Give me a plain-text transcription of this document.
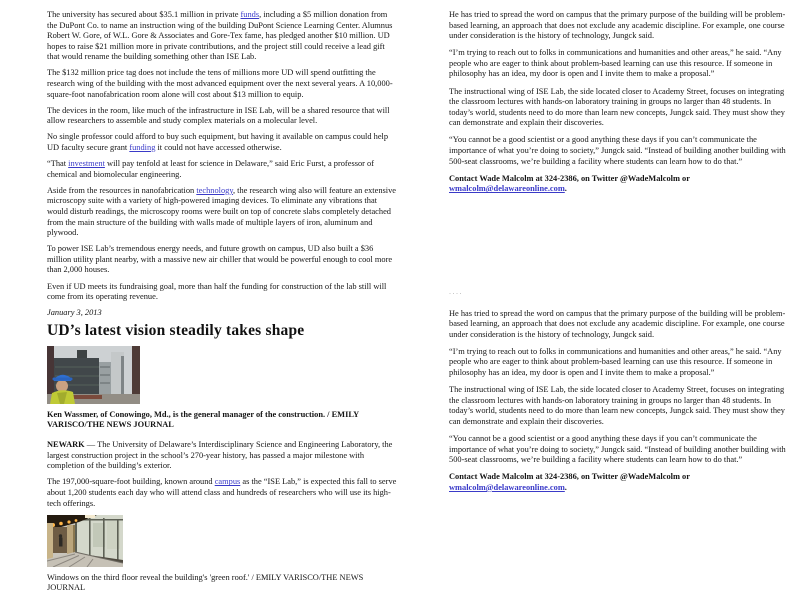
The university has secured about $35.1 million in private funds, including a $5 million donation from the DuPont Co. to name an instruction wing of the building DuPont Science Learning Center. Alumnus Robert W. Gore, of W.L. Gore & Associates and Gore-Tex fame, has pledged another $10 million. UD hopes to raise $21 million more in private contributions, and the project still could receive a lead gift that would rename the building something other than ISE Lab.

The $132 million price tag does not include the tens of millions more UD will spend outfitting the research wing of the building with the most advanced equipment over the next several years. A 10,000-square-foot nanofabrication room alone will cost about $13 million to equip.

The devices in the room, like much of the infrastructure in ISE Lab, will be a shared resource that will allow researchers to assemble and study complex materials on a molecular level.

No single professor could afford to buy such equipment, but having it available on campus could help UD faculty secure grant funding it could not have accessed otherwise.

“That investment will pay tenfold at least for science in Delaware,” said Eric Furst, a professor of chemical and biomolecular engineering.

Aside from the resources in nanofabrication technology, the research wing also will feature an extensive microscopy suite with a variety of high-powered imaging devices. To eliminate any vibrations that would disturb readings, the microscopy rooms were built on top of concrete slabs completely detached from the main structure of the building with walls made of multiple layers of iron, aluminum and plywood.

To power ISE Lab’s tremendous energy needs, and future growth on campus, UD also built a $36 million utility plant nearby, with a massive new air chiller that would be powerful enough to cool more than 2,000 houses.

Even if UD meets its fundraising goal, more than half the funding for construction of the lab still will come from its operating revenue.

January 3, 2013
UD’s latest vision steadily takes shape

Ken Wassmer, of Conowingo, Md., is the general manager of the construction. / EMILY VARISCO/THE NEWS JOURNAL

NEWARK — The University of Delaware’s Interdisciplinary Science and Engineering Laboratory, the largest construction project in the school’s 270-year history, has passed a major milestone with completion of the building’s exterior.

The 197,000-square-foot building, known around campus as the “ISE Lab,” is expected this fall to serve about 1,200 students each day who will attend class and hundreds of researchers who will use its high-tech offerings.

Windows on the third floor reveal the building's 'green roof.' / EMILY VARISCO/THE NEWS JOURNAL

He has tried to spread the word on campus that the primary purpose of the building will be problem-based learning, an approach that does not exclude any academic discipline. For example, one course under consideration is the history of technology, Jungck said.

“I’m trying to reach out to folks in communications and humanities and other areas,” he said. “Any people who are eager to think about problem-based learning can use this resource. If someone in philosophy has an idea, my door is open and I invite them to make a proposal.”

The instructional wing of ISE Lab, the side located closer to Academy Street, focuses on integrating the classroom lectures with hands-on laboratory training in groups no larger than 48 students. In today’s world, students need to do more than learn new concepts, Jungck said. They must show they can demonstrate and explain their discoveries.

“You cannot be a good scientist or a good anything these days if you can’t communicate the importance of what you’re doing to society,” Jungck said. “Instead of building another building with 500-seat classrooms, we’re building a facility where students can learn how to do that.”

Contact Wade Malcolm at 324-2386, on Twitter @WadeMalcolm or wmalcolm@delawareonline.com.

....

He has tried to spread the word on campus that the primary purpose of the building will be problem-based learning, an approach that does not exclude any academic discipline. For example, one course under consideration is the history of technology, Jungck said.

“I’m trying to reach out to folks in communications and humanities and other areas,” he said. “Any people who are eager to think about problem-based learning can use this resource. If someone in philosophy has an idea, my door is open and I invite them to make a proposal.”

The instructional wing of ISE Lab, the side located closer to Academy Street, focuses on integrating the classroom lectures with hands-on laboratory training in groups no larger than 48 students. In today’s world, students need to do more than learn new concepts, Jungck said. They must show they can demonstrate and explain their discoveries.

“You cannot be a good scientist or a good anything these days if you can’t communicate the importance of what you’re doing to society,” Jungck said. “Instead of building another building with 500-seat classrooms, we’re building a facility where students can learn how to do that.”

Contact Wade Malcolm at 324-2386, on Twitter @WadeMalcolm or wmalcolm@delawareonline.com.
